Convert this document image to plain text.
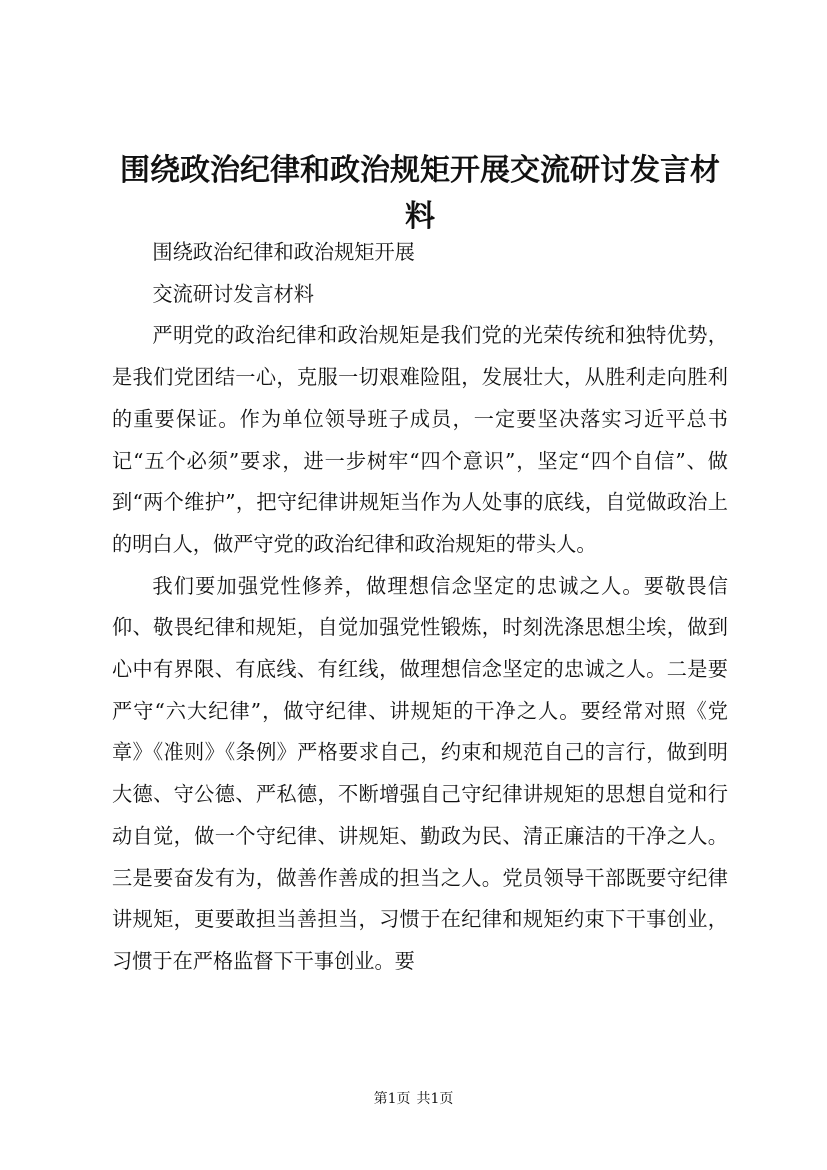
围绕政治纪律和政治规矩开展交流研讨发言材料

围绕政治纪律和政治规矩开展

交流研讨发言材料

严明党的政治纪律和政治规矩是我们党的光荣传统和独特优势，是我们党团结一心，克服一切艰难险阻，发展壮大，从胜利走向胜利的重要保证。作为单位领导班子成员，一定要坚决落实习近平总书记“五个必须”要求，进一步树牢“四个意识”，坚定“四个自信”、做到“两个维护”，把守纪律讲规矩当作为人处事的底线，自觉做政治上的明白人，做严守党的政治纪律和政治规矩的带头人。

我们要加强党性修养，做理想信念坚定的忠诚之人。要敬畏信仰、敬畏纪律和规矩，自觉加强党性锻炼，时刻洗涤思想尘埃，做到心中有界限、有底线、有红线，做理想信念坚定的忠诚之人。二是要严守“六大纪律”，做守纪律、讲规矩的干净之人。要经常对照《党章》《准则》《条例》严格要求自己，约束和规范自己的言行，做到明大德、守公德、严私德，不断增强自己守纪律讲规矩的思想自觉和行动自觉，做一个守纪律、讲规矩、勤政为民、清正廉洁的干净之人。三是要奋发有为，做善作善成的担当之人。党员领导干部既要守纪律讲规矩，更要敢担当善担当，习惯于在纪律和规矩约束下干事创业，习惯于在严格监督下干事创业。要

第1页 共1页
